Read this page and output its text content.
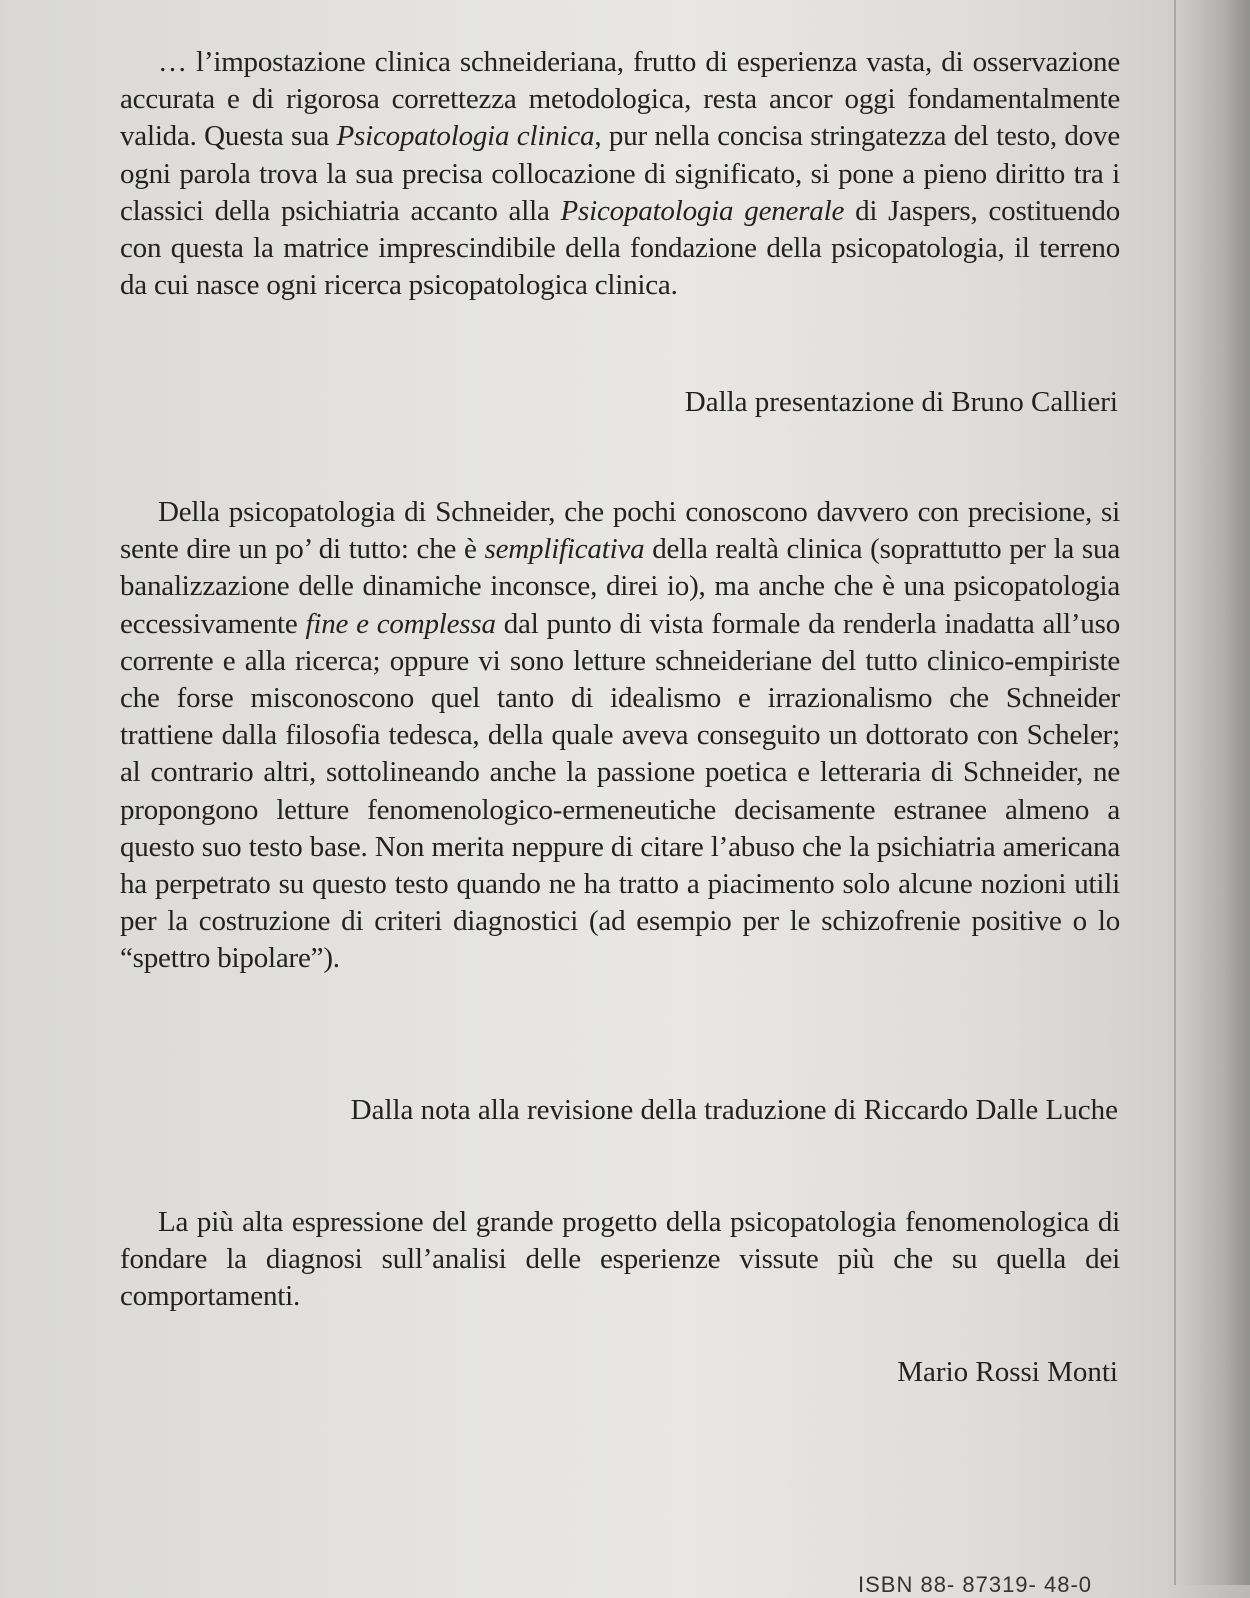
… l’impostazione clinica schneideriana, frutto di esperienza vasta, di osservazione accurata e di rigorosa correttezza metodologica, resta ancor oggi fondamentalmente valida. Questa sua Psicopatologia clinica, pur nella concisa stringatezza del testo, dove ogni parola trova la sua precisa collocazione di significato, si pone a pieno diritto tra i classici della psichiatria accanto alla Psicopatologia generale di Jaspers, costituendo con questa la matrice imprescindibile della fondazione della psicopatologia, il terreno da cui nasce ogni ricerca psicopatologica clinica.

Dalla presentazione di Bruno Callieri

Della psicopatologia di Schneider, che pochi conoscono davvero con precisione, si sente dire un po’ di tutto: che è semplificativa della realtà clinica (soprattutto per la sua banalizzazione delle dinamiche inconsce, direi io), ma anche che è una psicopatologia eccessivamente fine e complessa dal punto di vista formale da renderla inadatta all’uso corrente e alla ricerca; oppure vi sono letture schneideriane del tutto clinico-empiriste che forse misconoscono quel tanto di idealismo e irrazionalismo che Schneider trattiene dalla filosofia tedesca, della quale aveva conseguito un dottorato con Scheler; al contrario altri, sottolineando anche la passione poetica e letteraria di Schneider, ne propongono letture fenomenologico-ermeneutiche decisamente estranee almeno a questo suo testo base. Non merita neppure di citare l’abuso che la psichiatria americana ha perpetrato su questo testo quando ne ha tratto a piacimento solo alcune nozioni utili per la costruzione di criteri diagnostici (ad esempio per le schizofrenie positive o lo “spettro bipolare”).

Dalla nota alla revisione della traduzione di Riccardo Dalle Luche

La più alta espressione del grande progetto della psicopatologia fenomenologica di fondare la diagnosi sull’analisi delle esperienze vissute più che su quella dei comportamenti.

Mario Rossi Monti
ISBN 88- 87319- 48-0
